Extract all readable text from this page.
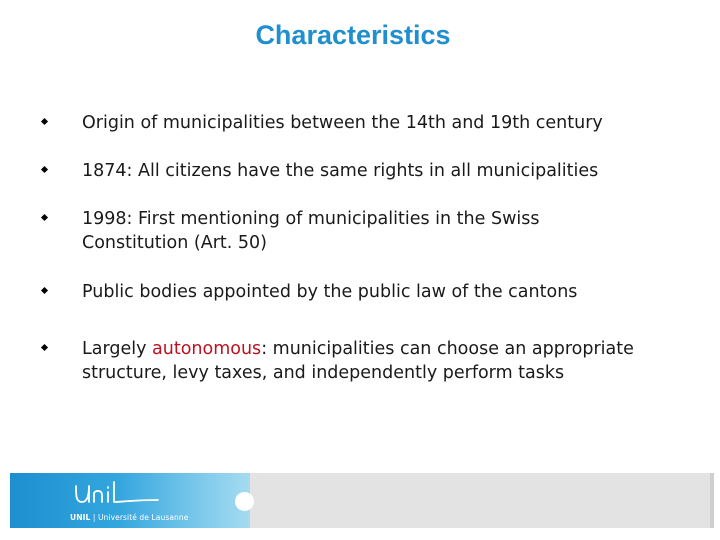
Characteristics
Origin of municipalities between the 14th and 19th century
1874: All citizens have the same rights in all municipalities
1998: First mentioning of municipalities in the Swiss Constitution (Art. 50)
Public bodies appointed by the public law of the cantons
Largely autonomous: municipalities can choose an appropriate structure, levy taxes, and independently perform tasks
UNIL | Université de Lausanne
